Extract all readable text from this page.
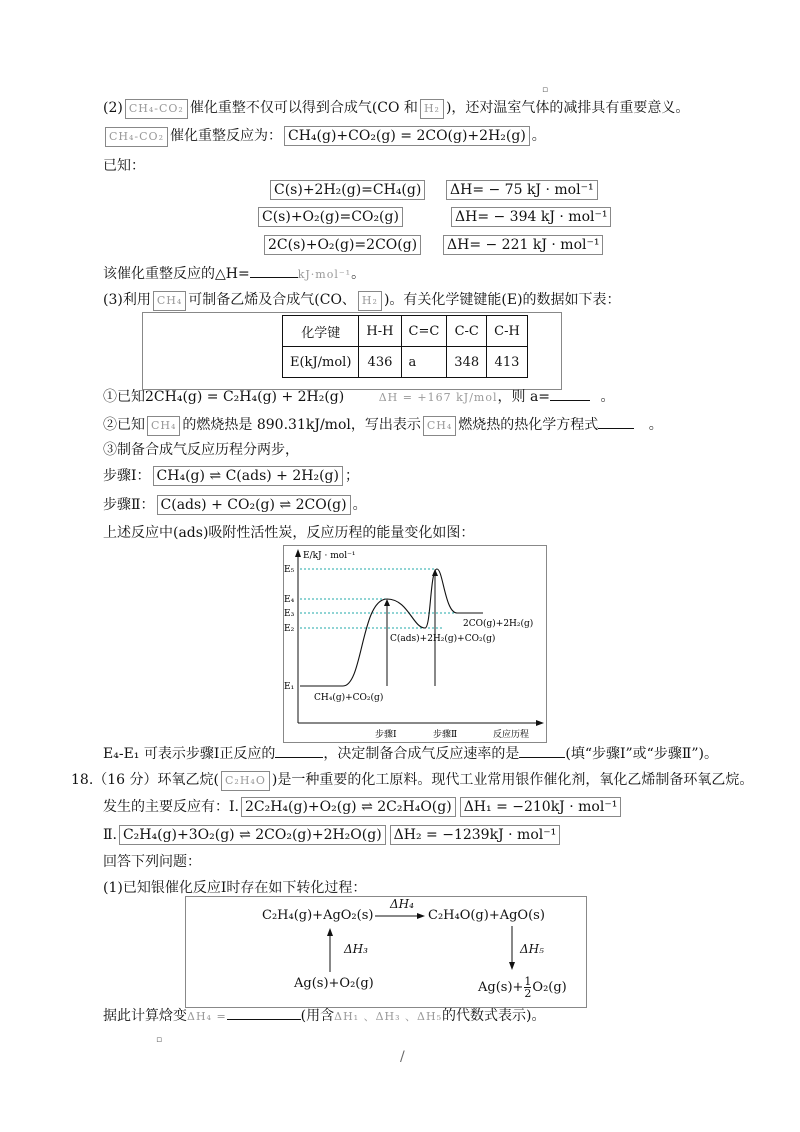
▫
(2) CH₄-CO₂ 催化重整不仅可以得到合成气(CO 和 H₂ )，还对温室气体的减排具有重要意义。
CH₄-CO₂ 催化重整反应为： CH₄(g)+CO₂(g) = 2CO(g)+2H₂(g) 。
已知：
C(s)+2H₂(g)=CH₄(g)	ΔH= − 75 kJ · mol⁻¹
C(s)+O₂(g)=CO₂(g)	ΔH= − 394 kJ · mol⁻¹
2C(s)+O₂(g)=2CO(g)	ΔH= − 221 kJ · mol⁻¹
该催化重整反应的△H=	kJ·mol⁻¹。
(3)利用 CH₄ 可制备乙烯及合成气(CO、 H₂ )。有关化学键键能(E)的数据如下表：
化学键	H-H	C=C	C-C	C-H
E(kJ/mol)	436	a	348	413
①已知2CH₄(g) = C₂H₄(g) + 2H₂(g)	ΔH = +167 kJ/mol，则 a=	。
②已知 CH₄ 的燃烧热是 890.31kJ/mol，写出表示 CH₄ 燃烧热的热化学方程式	。
③制备合成气反应历程分两步，
步骤Ⅰ： CH₄(g) ⇌ C(ads) + 2H₂(g) ；
步骤Ⅱ： C(ads) + CO₂(g) ⇌ 2CO(g) 。
上述反应中(ads)吸附性活性炭，反应历程的能量变化如图：
E/kJ · mol⁻¹
E₅
E₄
E₃
E₂
E₁
CH₄(g)+CO₂(g)
C(ads)+2H₂(g)+CO₂(g)
2CO(g)+2H₂(g)
步骤Ⅰ	步骤Ⅱ	反应历程
E₄-E₁ 可表示步骤Ⅰ正反应的	，决定制备合成气反应速率的是	(填“步骤Ⅰ”或“步骤Ⅱ”)。
18.（16 分）环氧乙烷( C₂H₄O )是一种重要的化工原料。现代工业常用银作催化剂，氧化乙烯制备环氧乙烷。
发生的主要反应有：I. 2C₂H₄(g)+O₂(g) ⇌ 2C₂H₄O(g) ΔH₁ = −210kJ · mol⁻¹
Ⅱ. C₂H₄(g)+3O₂(g) ⇌ 2CO₂(g)+2H₂O(g) ΔH₂ = −1239kJ · mol⁻¹
回答下列问题：
(1)已知银催化反应Ⅰ时存在如下转化过程：
C₂H₄(g)+AgO₂(s)	C₂H₄O(g)+AgO(s)
ΔH₄
ΔH₃	ΔH₅
Ag(s)+O₂(g)	$Ag(s)+ \frac{1}{2} O_2(g)$
据此计算焓变ΔH₄ =	(用含ΔH₁ 、ΔH₃ 、ΔH₅的代数式表示)。
▫
/
